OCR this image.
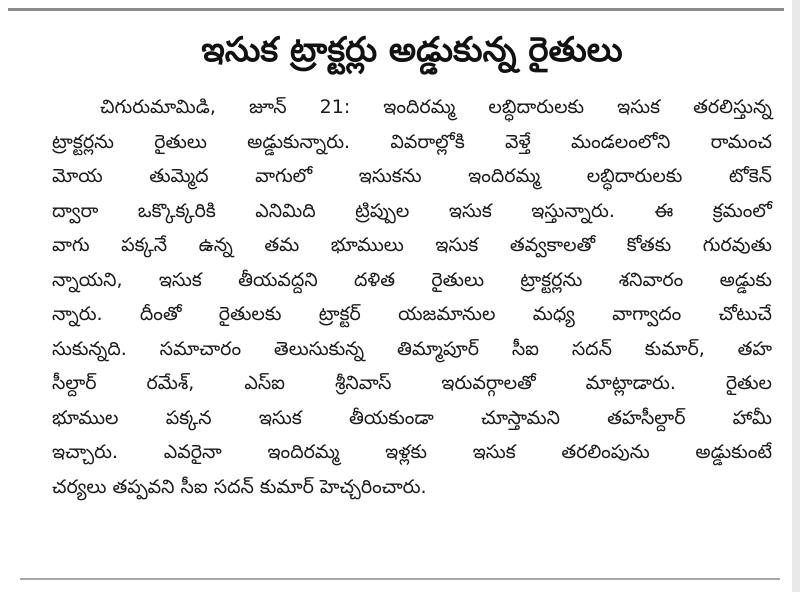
ఇసుక ట్రాక్టర్లు అడ్డుకున్న రైతులు
చిగురుమామిడి, జూన్ 21: ఇందిరమ్మ లబ్ధిదారులకు ఇసుక తరలిస్తున్న
ట్రాక్టర్లను రైతులు అడ్డుకున్నారు. వివరాల్లోకి వెళ్తే మండలంలోని రామంచ
మోయ తుమ్మెద వాగులో ఇసుకను ఇందిరమ్మ లబ్ధిదారులకు టోకెన్
ద్వారా ఒక్కొక్కరికి ఎనిమిది ట్రిప్పుల ఇసుక ఇస్తున్నారు. ఈ క్రమంలో
వాగు పక్కనే ఉన్న తమ భూములు ఇసుక తవ్వకాలతో కోతకు గురవుతు
న్నాయని, ఇసుక తీయవద్దని దళిత రైతులు ట్రాక్టర్లను శనివారం అడ్డుకు
న్నారు. దీంతో రైతులకు ట్రాక్టర్ యజమానుల మధ్య వాగ్వాదం చోటుచే
సుకున్నది. సమాచారం తెలుసుకున్న తిమ్మాపూర్ సీఐ సదన్ కుమార్, తహ
సీల్దార్ రమేశ్, ఎస్ఐ శ్రీనివాస్ ఇరువర్గాలతో మాట్లాడారు. రైతుల
భూముల పక్కన ఇసుక తీయకుండా చూస్తామని తహసీల్దార్ హామీ
ఇచ్చారు. ఎవరైనా ఇందిరమ్మ ఇళ్లకు ఇసుక తరలింపును అడ్డుకుంటే
చర్యలు తప్పవని సీఐ సదన్ కుమార్ హెచ్చరించారు.
